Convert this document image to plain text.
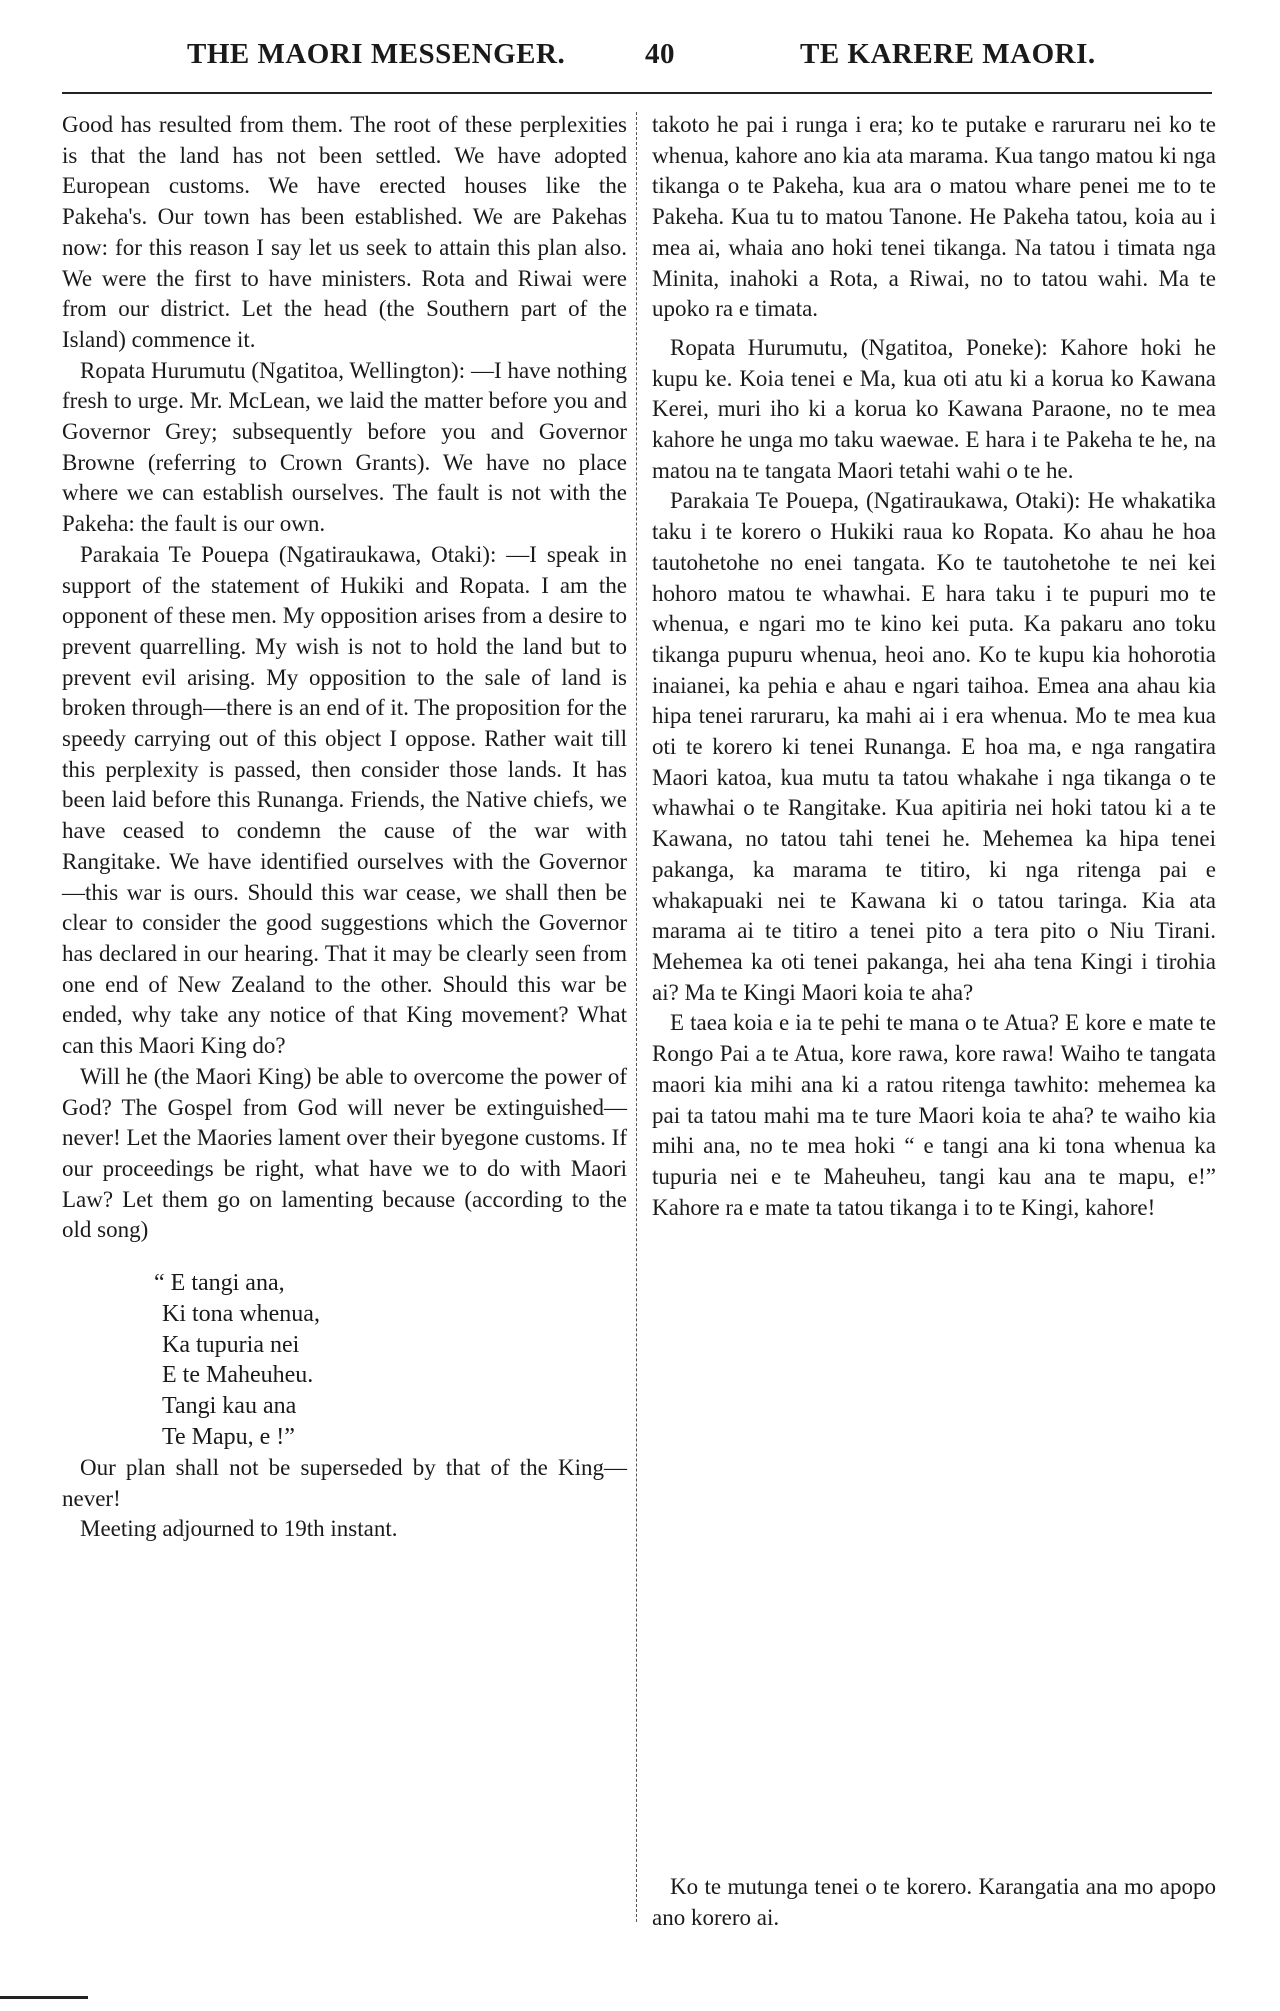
THE MAORI MESSENGER.	40	TE KARERE MAORI.

Good has resulted from them. The root of these perplexities is that the land has not been settled. We have adopted European customs. We have erected houses like the Pakeha's. Our town has been established. We are Pakehas now: for this reason I say let us seek to attain this plan also. We were the first to have ministers. Rota and Riwai were from our district. Let the head (the Southern part of the Island) commence it.

Ropata Hurumutu (Ngatitoa, Wellington): —I have nothing fresh to urge. Mr. McLean, we laid the matter before you and Governor Grey; subsequently before you and Governor Browne (referring to Crown Grants). We have no place where we can establish ourselves. The fault is not with the Pakeha: the fault is our own.

Parakaia Te Pouepa (Ngatiraukawa, Otaki): —I speak in support of the statement of Hukiki and Ropata. I am the opponent of these men. My opposition arises from a desire to prevent quarrelling. My wish is not to hold the land but to prevent evil arising. My opposition to the sale of land is broken through—there is an end of it. The proposition for the speedy carrying out of this object I oppose. Rather wait till this perplexity is passed, then consider those lands. It has been laid before this Runanga. Friends, the Native chiefs, we have ceased to condemn the cause of the war with Rangitake. We have identified ourselves with the Governor—this war is ours. Should this war cease, we shall then be clear to consider the good suggestions which the Governor has declared in our hearing. That it may be clearly seen from one end of New Zealand to the other. Should this war be ended, why take any notice of that King movement? What can this Maori King do?

Will he (the Maori King) be able to overcome the power of God? The Gospel from God will never be extinguished—never! Let the Maories lament over their byegone customs. If our proceedings be right, what have we to do with Maori Law? Let them go on lamenting because (according to the old song)

“ E tangi ana,
Ki tona whenua,
Ka tupuria nei
E te Maheuheu.
Tangi kau ana
Te Mapu, e !”

Our plan shall not be superseded by that of the King—never!

Meeting adjourned to 19th instant.

takoto he pai i runga i era; ko te putake e raruraru nei ko te whenua, kahore ano kia ata marama. Kua tango matou ki nga tikanga o te Pakeha, kua ara o matou whare penei me to te Pakeha. Kua tu to matou Tanone. He Pakeha tatou, koia au i mea ai, whaia ano hoki tenei tikanga. Na tatou i timata nga Minita, inahoki a Rota, a Riwai, no to tatou wahi. Ma te upoko ra e timata.

Ropata Hurumutu, (Ngatitoa, Poneke): Kahore hoki he kupu ke. Koia tenei e Ma, kua oti atu ki a korua ko Kawana Kerei, muri iho ki a korua ko Kawana Paraone, no te mea kahore he unga mo taku waewae. E hara i te Pakeha te he, na matou na te tangata Maori tetahi wahi o te he.

Parakaia Te Pouepa, (Ngatiraukawa, Otaki): He whakatika taku i te korero o Hukiki raua ko Ropata. Ko ahau he hoa tautohetohe no enei tangata. Ko te tautohetohe te nei kei hohoro matou te whawhai. E hara taku i te pupuri mo te whenua, e ngari mo te kino kei puta. Ka pakaru ano toku tikanga pupuru whenua, heoi ano. Ko te kupu kia hohorotia inaianei, ka pehia e ahau e ngari taihoa. Emea ana ahau kia hipa tenei raruraru, ka mahi ai i era whenua. Mo te mea kua oti te korero ki tenei Runanga. E hoa ma, e nga rangatira Maori katoa, kua mutu ta tatou whakahe i nga tikanga o te whawhai o te Rangitake. Kua apitiria nei hoki tatou ki a te Kawana, no tatou tahi tenei he. Mehemea ka hipa tenei pakanga, ka marama te titiro, ki nga ritenga pai e whakapuaki nei te Kawana ki o tatou taringa. Kia ata marama ai te titiro a tenei pito a tera pito o Niu Tirani. Mehemea ka oti tenei pakanga, hei aha tena Kingi i tirohia ai? Ma te Kingi Maori koia te aha?

E taea koia e ia te pehi te mana o te Atua? E kore e mate te Rongo Pai a te Atua, kore rawa, kore rawa! Waiho te tangata maori kia mihi ana ki a ratou ritenga tawhito: mehemea ka pai ta tatou mahi ma te ture Maori koia te aha? te waiho kia mihi ana, no te mea hoki “ e tangi ana ki tona whenua ka tupuria nei e te Maheuheu, tangi kau ana te mapu, e!” Kahore ra e mate ta tatou tikanga i to te Kingi, kahore!

Ko te mutunga tenei o te korero. Karangatia ana mo apopo ano korero ai.
